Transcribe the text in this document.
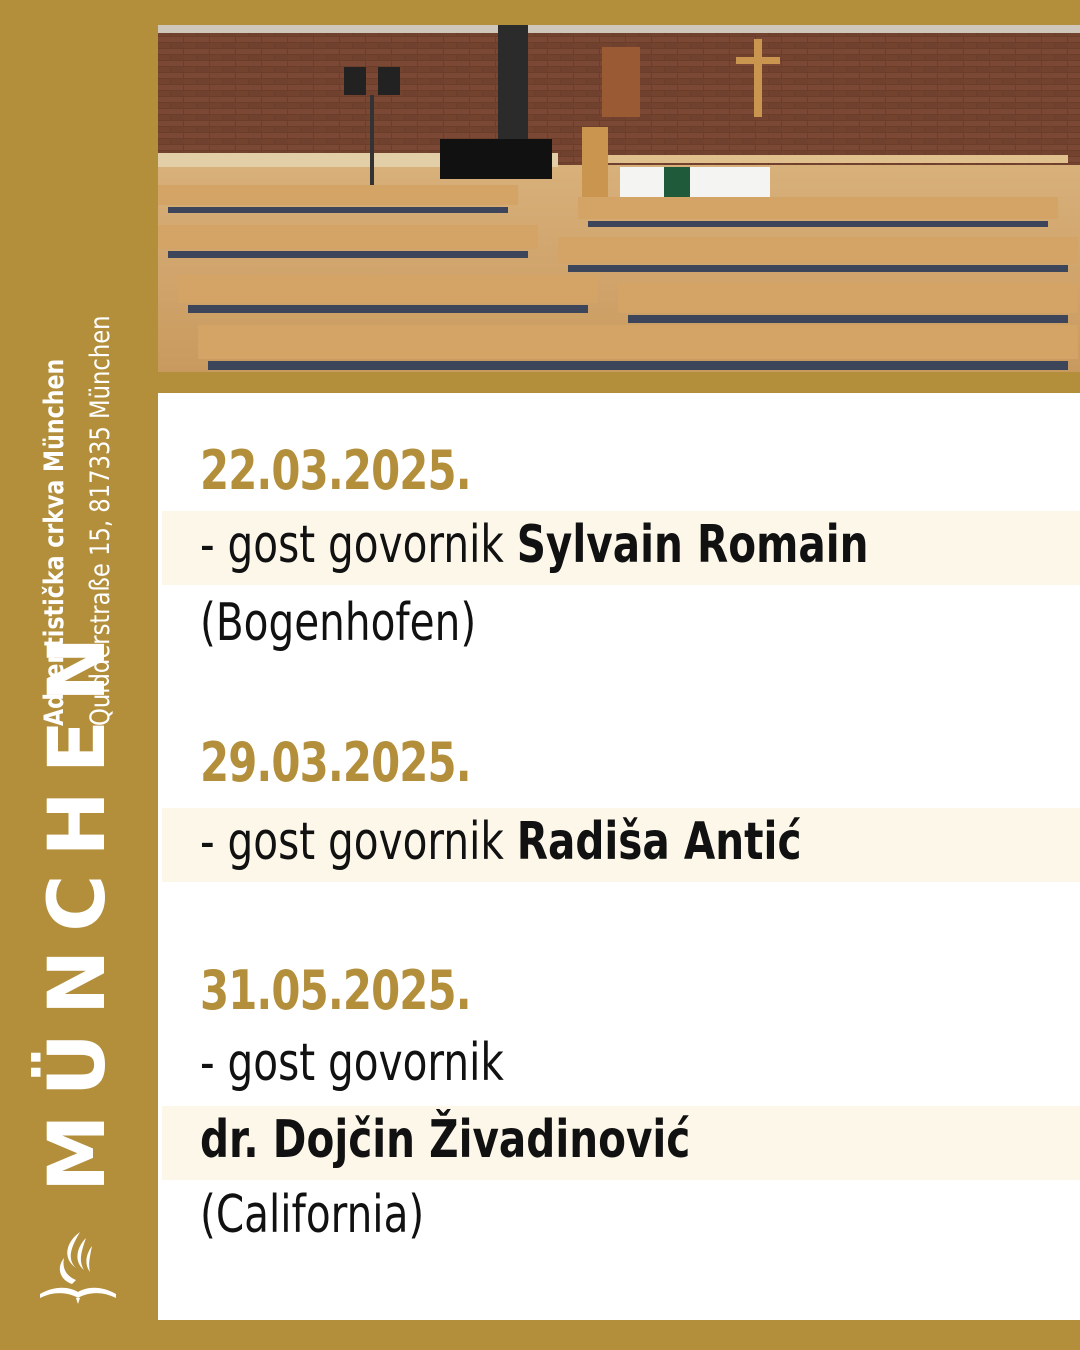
MÜNCHEN
Adventistička crkva München Quidderstraße 15, 817335 München 22.03.2025.
- gost govornik Sylvain Romain
(Bogenhofen)
29.03.2025.
- gost govornik Radiša Antić
31.05.2025.
- gost govornik
dr. Dojčin Živadinović
(California)
